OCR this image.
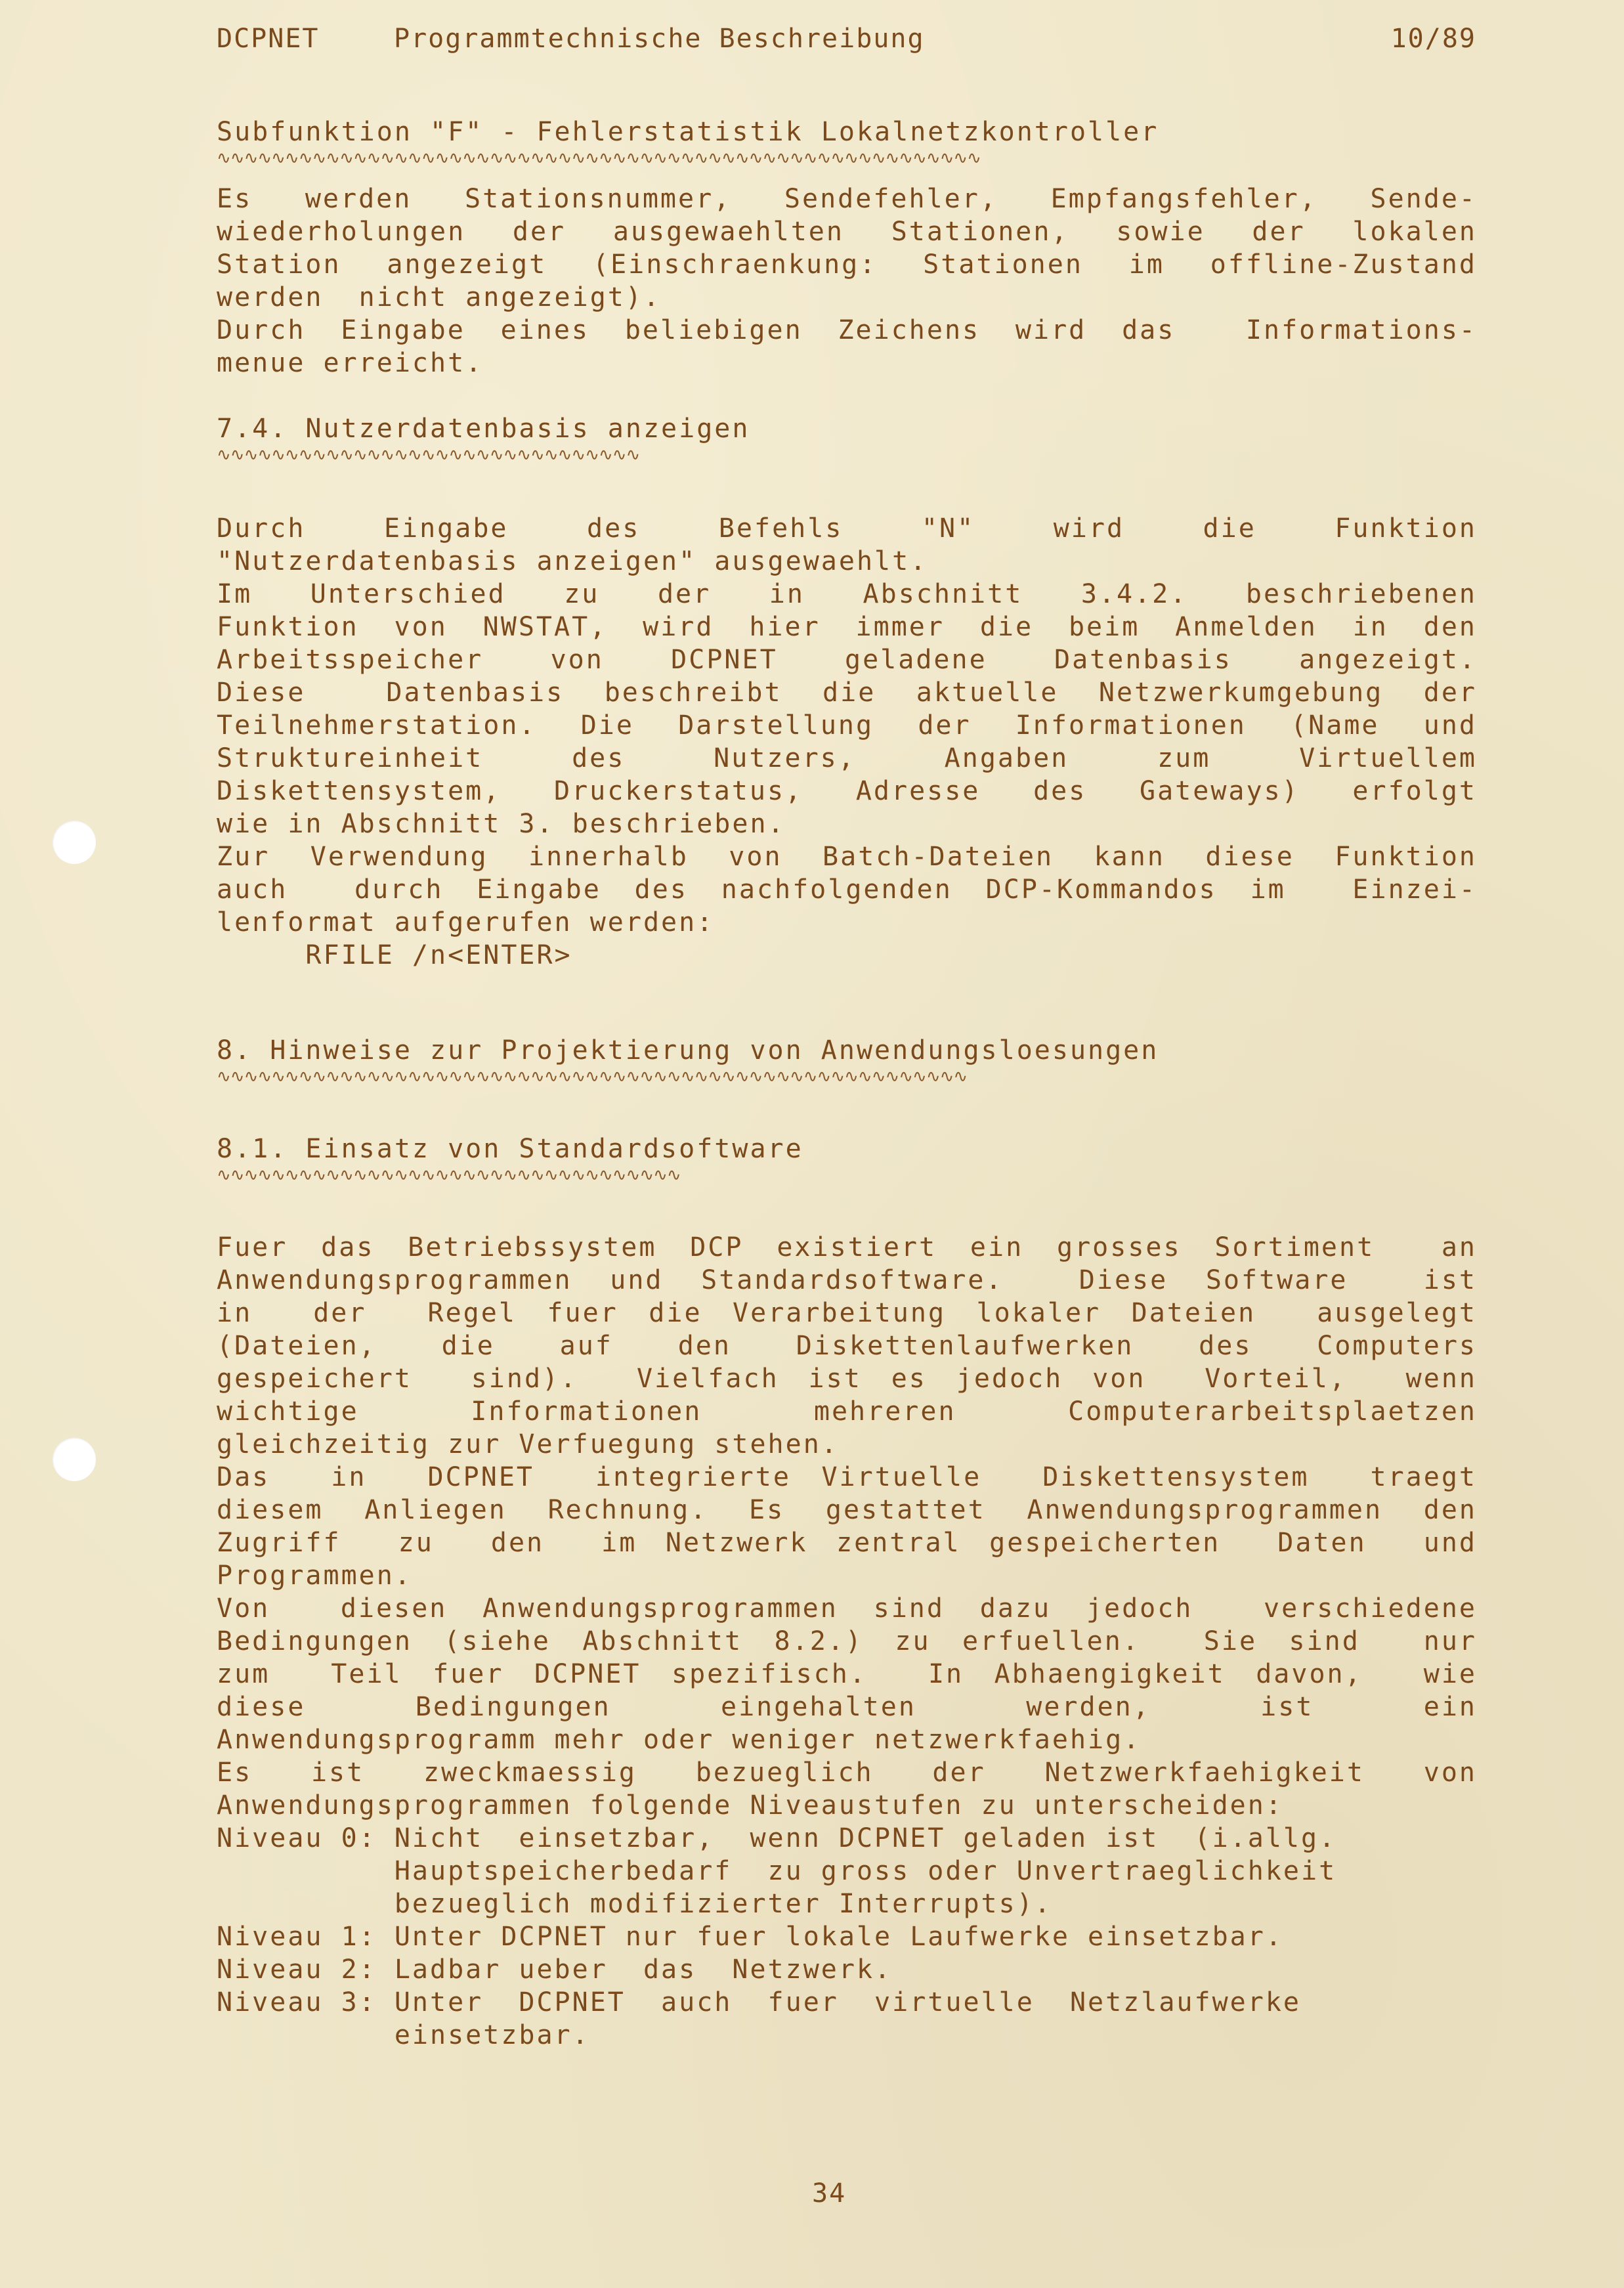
DCPNET

	Programmtechnische Beschreibung

	10/89

Subfunktion "F" - Fehlerstatistik Lokalnetzkontroller
∿∿∿∿∿∿∿∿∿∿∿∿∿∿∿∿∿∿∿∿∿∿∿∿∿∿∿∿∿∿∿∿∿∿∿∿∿∿∿∿∿∿∿∿∿∿∿∿∿∿∿∿∿∿∿∿
Es werden Stationsnummer, Sendefehler, Empfangsfehler, Sende-
wiederholungen der ausgewaehlten Stationen, sowie der lokalen
Station angezeigt (Einschraenkung: Stationen im offline-Zustand
werden  nicht angezeigt).
Durch Eingabe eines beliebigen Zeichens wird das  Informations-
menue erreicht.
7.4. Nutzerdatenbasis anzeigen
∿∿∿∿∿∿∿∿∿∿∿∿∿∿∿∿∿∿∿∿∿∿∿∿∿∿∿∿∿∿∿
Durch   Eingabe   des   Befehls   "N"   wird   die   Funktion
"Nutzerdatenbasis anzeigen" ausgewaehlt.
Im  Unterschied  zu  der  in  Abschnitt  3.4.2.  beschriebenen
Funktion von NWSTAT, wird hier immer die beim Anmelden in den
Arbeitsspeicher  von  DCPNET  geladene  Datenbasis  angezeigt.
Diese  Datenbasis beschreibt die aktuelle Netzwerkumgebung der
Teilnehmerstation. Die Darstellung der Informationen (Name und
Struktureinheit  des  Nutzers,  Angaben  zum  Virtuellem
Diskettensystem, Druckerstatus, Adresse des Gateways) erfolgt
wie in Abschnitt 3. beschrieben.
Zur Verwendung innerhalb von Batch-Dateien kann diese Funktion
auch  durch Eingabe des nachfolgenden DCP-Kommandos im  Einzei-
lenformat aufgerufen werden:
RFILE /n<ENTER>
8. Hinweise zur Projektierung von Anwendungsloesungen
∿∿∿∿∿∿∿∿∿∿∿∿∿∿∿∿∿∿∿∿∿∿∿∿∿∿∿∿∿∿∿∿∿∿∿∿∿∿∿∿∿∿∿∿∿∿∿∿∿∿∿∿∿∿∿
8.1. Einsatz von Standardsoftware
∿∿∿∿∿∿∿∿∿∿∿∿∿∿∿∿∿∿∿∿∿∿∿∿∿∿∿∿∿∿∿∿∿∿
Fuer das Betriebssystem DCP existiert ein grosses Sortiment  an
Anwendungsprogrammen und Standardsoftware.  Diese Software  ist
in  der  Regel fuer die Verarbeitung lokaler Dateien  ausgelegt
(Dateien,  die  auf  den  Diskettenlaufwerken  des  Computers
gespeichert  sind).  Vielfach ist es jedoch von  Vorteil,  wenn
wichtige  Informationen  mehreren  Computerarbeitsplaetzen
gleichzeitig zur Verfuegung stehen.
Das  in  DCPNET  integrierte Virtuelle  Diskettensystem  traegt
diesem Anliegen Rechnung. Es gestattet Anwendungsprogrammen den
Zugriff  zu  den  im Netzwerk zentral gespeicherten  Daten  und
Programmen.
Von  diesen Anwendungsprogrammen sind dazu jedoch  verschiedene
Bedingungen (siehe Abschnitt 8.2.) zu erfuellen.  Sie sind  nur
zum  Teil fuer DCPNET spezifisch.  In Abhaengigkeit davon,  wie
diese  Bedingungen  eingehalten  werden,  ist  ein
Anwendungsprogramm mehr oder weniger netzwerkfaehig.
Es  ist  zweckmaessig  bezueglich  der  Netzwerkfaehigkeit  von
Anwendungsprogrammen folgende Niveaustufen zu unterscheiden:
Niveau 0: Nicht  einsetzbar,  wenn DCPNET geladen ist  (i.allg.
Hauptspeicherbedarf  zu gross oder Unvertraeglichkeit
bezueglich modifizierter Interrupts).
Niveau 1: Unter DCPNET nur fuer lokale Laufwerke einsetzbar.
Niveau 2: Ladbar ueber  das  Netzwerk.
Niveau 3: Unter  DCPNET  auch  fuer  virtuelle  Netzlaufwerke
einsetzbar.
34
